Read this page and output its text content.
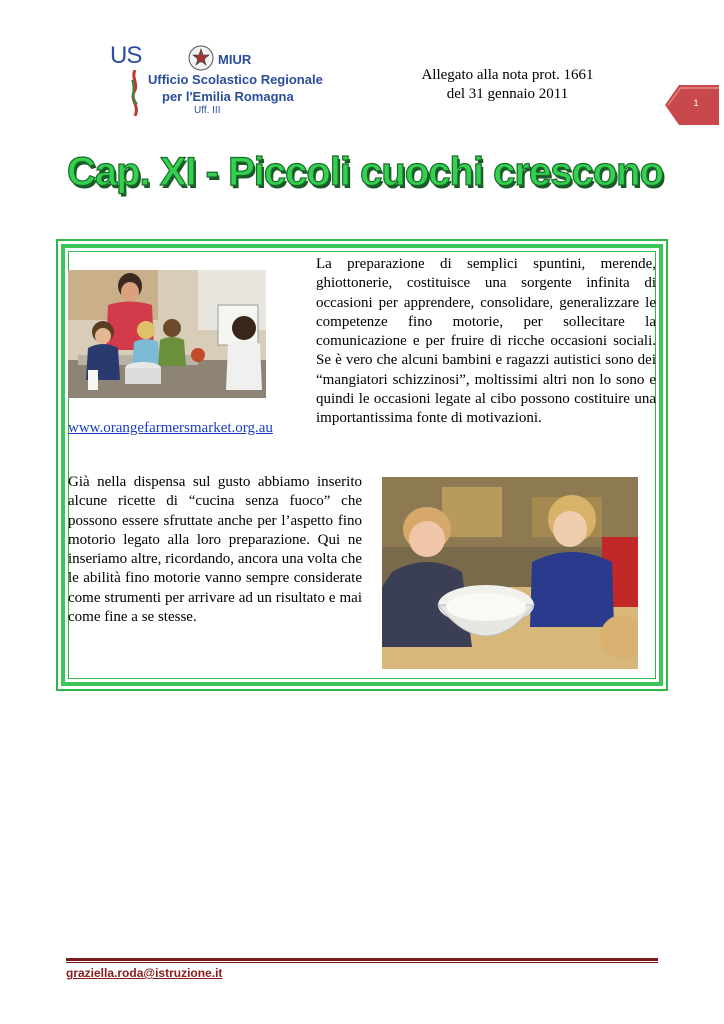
US	MIUR
Ufficio Scolastico Regionale
per l'Emilia Romagna
Uff. III
Allegato alla nota prot. 1661
del 31 gennaio 2011
1
Cap. XI - Piccoli cuochi crescono
www.orangefarmersmarket.org.au
La preparazione di semplici spuntini, merende, ghiottonerie, costituisce una sorgente infinita di occasioni per apprendere, consolidare, generalizzare le competenze fino motorie, per sollecitare la comunicazione e per fruire di ricche occasioni sociali. Se è vero che alcuni bambini e ragazzi autistici sono dei “mangiatori schizzinosi”, moltissimi altri non lo sono e quindi le occasioni legate al cibo possono costituire una importantissima fonte di motivazioni.
Già nella dispensa sul gusto abbiamo inserito alcune ricette di “cucina senza fuoco” che possono essere sfruttate anche per l’aspetto fino motorio legato alla loro preparazione. Qui ne inseriamo altre, ricordando, ancora una volta che le abilità fino motorie vanno sempre considerate come strumenti per arrivare ad un risultato e mai come fine a se stesse.
graziella.roda@istruzione.it
